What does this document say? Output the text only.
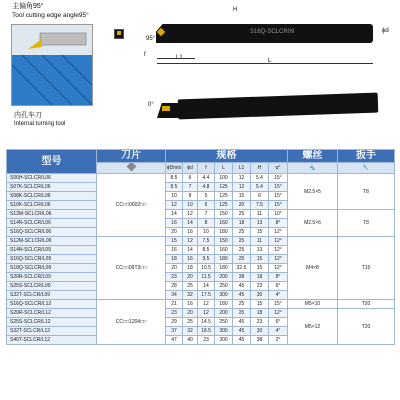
主偏角95°
Tool cutting edge angle95°
内孔车刀
Internal turning tool
S16Q-SCLCR09
H
95°
L1	L
ϕd
f
0°
型号	刀片	规格							螺丝	扳手
		ϕDmin	ϕd	f	L	L1	H	α°	🔩	🔧
S06H-SCLCR/L06	CC□□0602□□	8.5	6	4.4	100	12	5.4	15°	M2.5×5	T8
S07K-SCLCR/L06		8.5	7	4.8	125	12	5.4	15°		
S08K-SCLCR/L06		10	8	5	125	15	6	15°		
S10K-SCLCR/L06		12	10	6	125	20	7.5	15°		
S12M-SCLCR/L06		14	12	7	150	25	11	10°	M2.5×6	T8
S14N-SCLCR/L06		16	14	8	160	18	13	8°		
S16Q-SCLCR/L06		20	16	10	180	25	15	12°		
S12M-SCLCR/L09	CC□□09T3□□	15	12	7.5	150	25	11	12°	M4×8	T15
S14N-SCLCR/L09		16	14	8.5	160	25	13	12°		
S16Q-SCLCR/L09		18	16	9.5	180	25	15	12°		
S18Q-SCLCR/L09		20	18	10.5	180	32.5	15	12°		
S20R-SCLCR/L09		23	20	11.5	200	38	18	8°		
S25S-SCLCR/L09		28	25	14	250	45	23	6°		
S32T-SCLCR/L09		34	32	17.5	300	45	30	4°		
S16Q-SCLCR/L12	CC□□1204□□	21	16	12	180	25	15	15°	M5×10	T20
S20R-SCLCR/L12		23	20	12	200	25	18	12°	M5×12	T20
S25S-SCLCR/L12		29	25	14.5	250	45	23	6°		
S32T-SCLCR/L12		37	32	18.5	300	45	30	4°		
S40T-SCLCR/L12		47	40	23	300	45	38	2°		
